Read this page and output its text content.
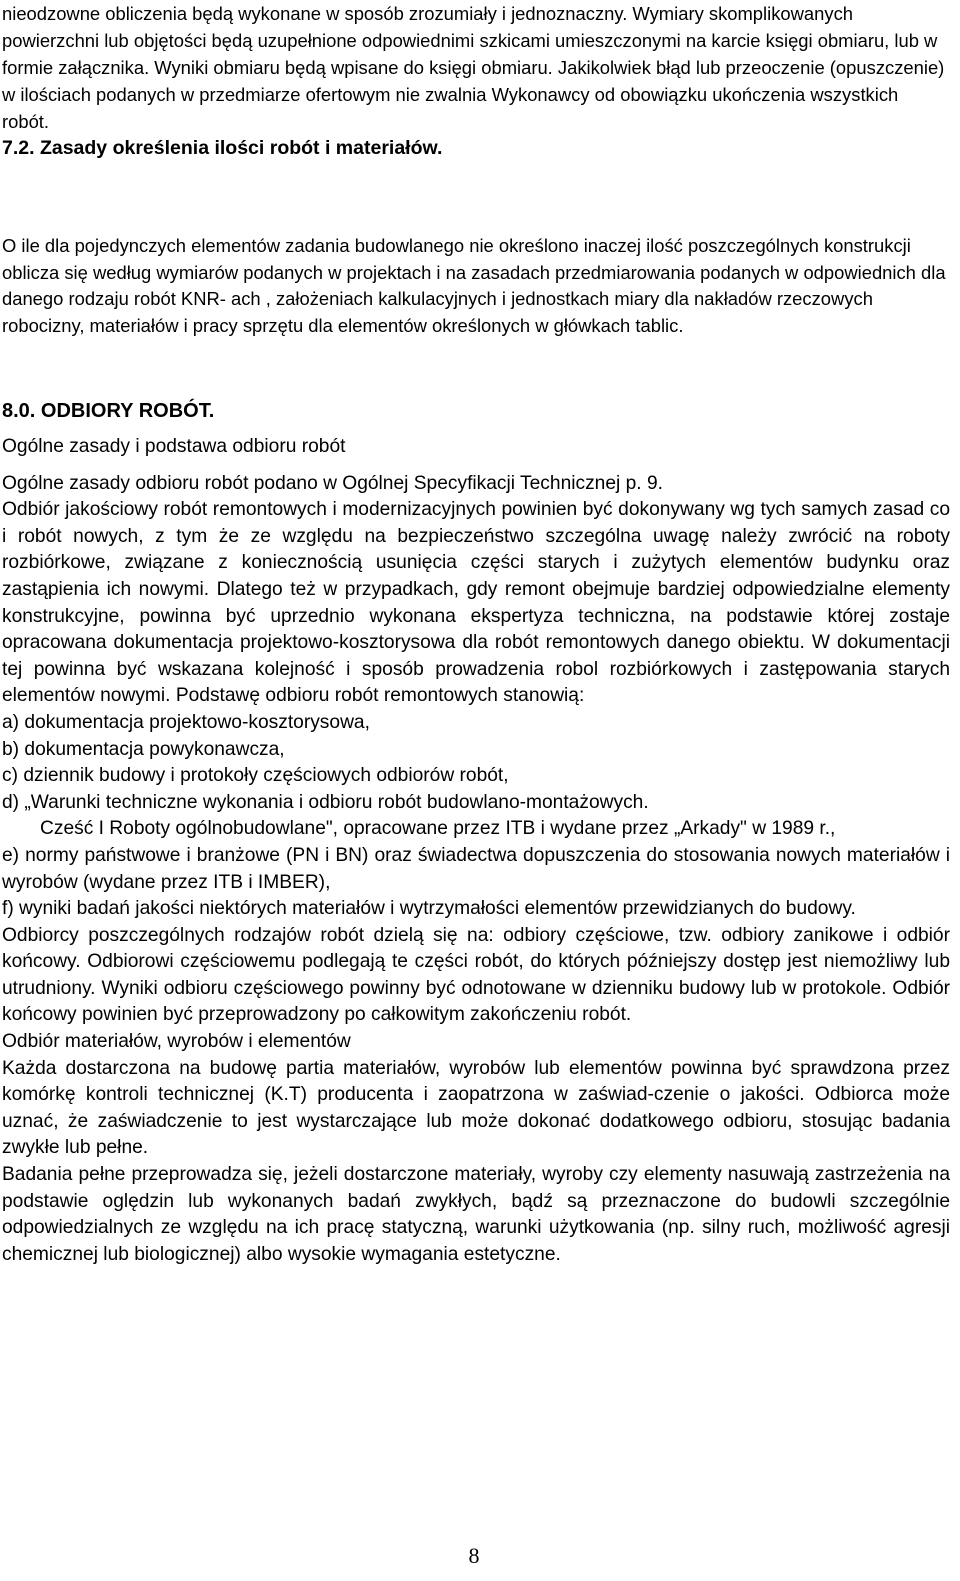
nieodzowne obliczenia będą wykonane w sposób zrozumiały i jednoznaczny. Wymiary skomplikowanych powierzchni lub objętości będą uzupełnione odpowiednimi szkicami umieszczonymi na karcie księgi obmiaru, lub w formie załącznika. Wyniki obmiaru będą wpisane do księgi obmiaru. Jakikolwiek błąd lub przeoczenie (opuszczenie) w ilościach podanych w przedmiarze ofertowym nie zwalnia Wykonawcy od obowiązku ukończenia wszystkich robót.

7.2. Zasady określenia ilości robót i materiałów.

O ile dla pojedynczych elementów zadania budowlanego nie określono inaczej ilość poszczególnych konstrukcji oblicza się według wymiarów podanych w projektach i na zasadach przedmiarowania podanych w odpowiednich dla danego rodzaju robót KNR- ach , założeniach kalkulacyjnych i jednostkach miary dla nakładów rzeczowych robocizny, materiałów i pracy sprzętu dla elementów określonych w główkach tablic.

8.0. ODBIORY ROBÓT.

Ogólne zasady i podstawa odbioru robót

Ogólne zasady odbioru robót podano w Ogólnej Specyfikacji Technicznej p. 9.

Odbiór jakościowy robót remontowych i modernizacyjnych powinien być dokonywany wg tych samych zasad co i robót nowych, z tym że ze względu na bezpieczeństwo szczególna uwagę należy zwrócić na roboty rozbiórkowe, związane z koniecznością usunięcia części starych i zużytych elementów budynku oraz zastąpienia ich nowymi. Dlatego też w przypadkach, gdy remont obejmuje bardziej odpowiedzialne elementy konstrukcyjne, powinna być uprzednio wykonana ekspertyza techniczna, na podstawie której zostaje opracowana dokumentacja projektowo-kosztorysowa dla robót remontowych danego obiektu. W dokumentacji tej powinna być wskazana kolejność i sposób prowadzenia robol rozbiórkowych i zastępowania starych elementów nowymi. Podstawę odbioru robót remontowych stanowią:

a) dokumentacja projektowo-kosztorysowa,

b) dokumentacja powykonawcza,

c) dziennik budowy i protokoły częściowych odbiorów robót,

d) „Warunki techniczne wykonania i odbioru robót budowlano-montażowych.

Cześć I Roboty ogólnobudowlane", opracowane przez ITB i wydane przez „Arkady" w 1989 r.,

e) normy państwowe i branżowe (PN i BN) oraz świadectwa dopuszczenia do stosowania nowych materiałów i wyrobów (wydane przez ITB i IMBER),

f) wyniki badań jakości niektórych materiałów i wytrzymałości elementów przewidzianych do budowy.

Odbiorcy poszczególnych rodzajów robót dzielą się na: odbiory częściowe, tzw. odbiory zanikowe i odbiór końcowy. Odbiorowi częściowemu podlegają te części robót, do których późniejszy dostęp jest niemożliwy lub utrudniony. Wyniki odbioru częściowego powinny być odnotowane w dzienniku budowy lub w protokole. Odbiór końcowy powinien być przeprowadzony po całkowitym zakończeniu robót.

Odbiór materiałów, wyrobów i elementów

Każda dostarczona na budowę partia materiałów, wyrobów lub elementów powinna być sprawdzona przez komórkę kontroli technicznej (K.T) producenta i zaopatrzona w zaświad-czenie o jakości. Odbiorca może uznać, że zaświadczenie to jest wystarczające lub może dokonać dodatkowego odbioru, stosując badania zwykłe lub pełne.

Badania pełne przeprowadza się, jeżeli dostarczone materiały, wyroby czy elementy nasuwają zastrzeżenia na podstawie oględzin lub wykonanych badań zwykłych, bądź są przeznaczone do budowli szczególnie odpowiedzialnych ze względu na ich pracę statyczną, warunki użytkowania (np. silny ruch, możliwość agresji chemicznej lub biologicznej) albo wysokie wymagania estetyczne.

8
